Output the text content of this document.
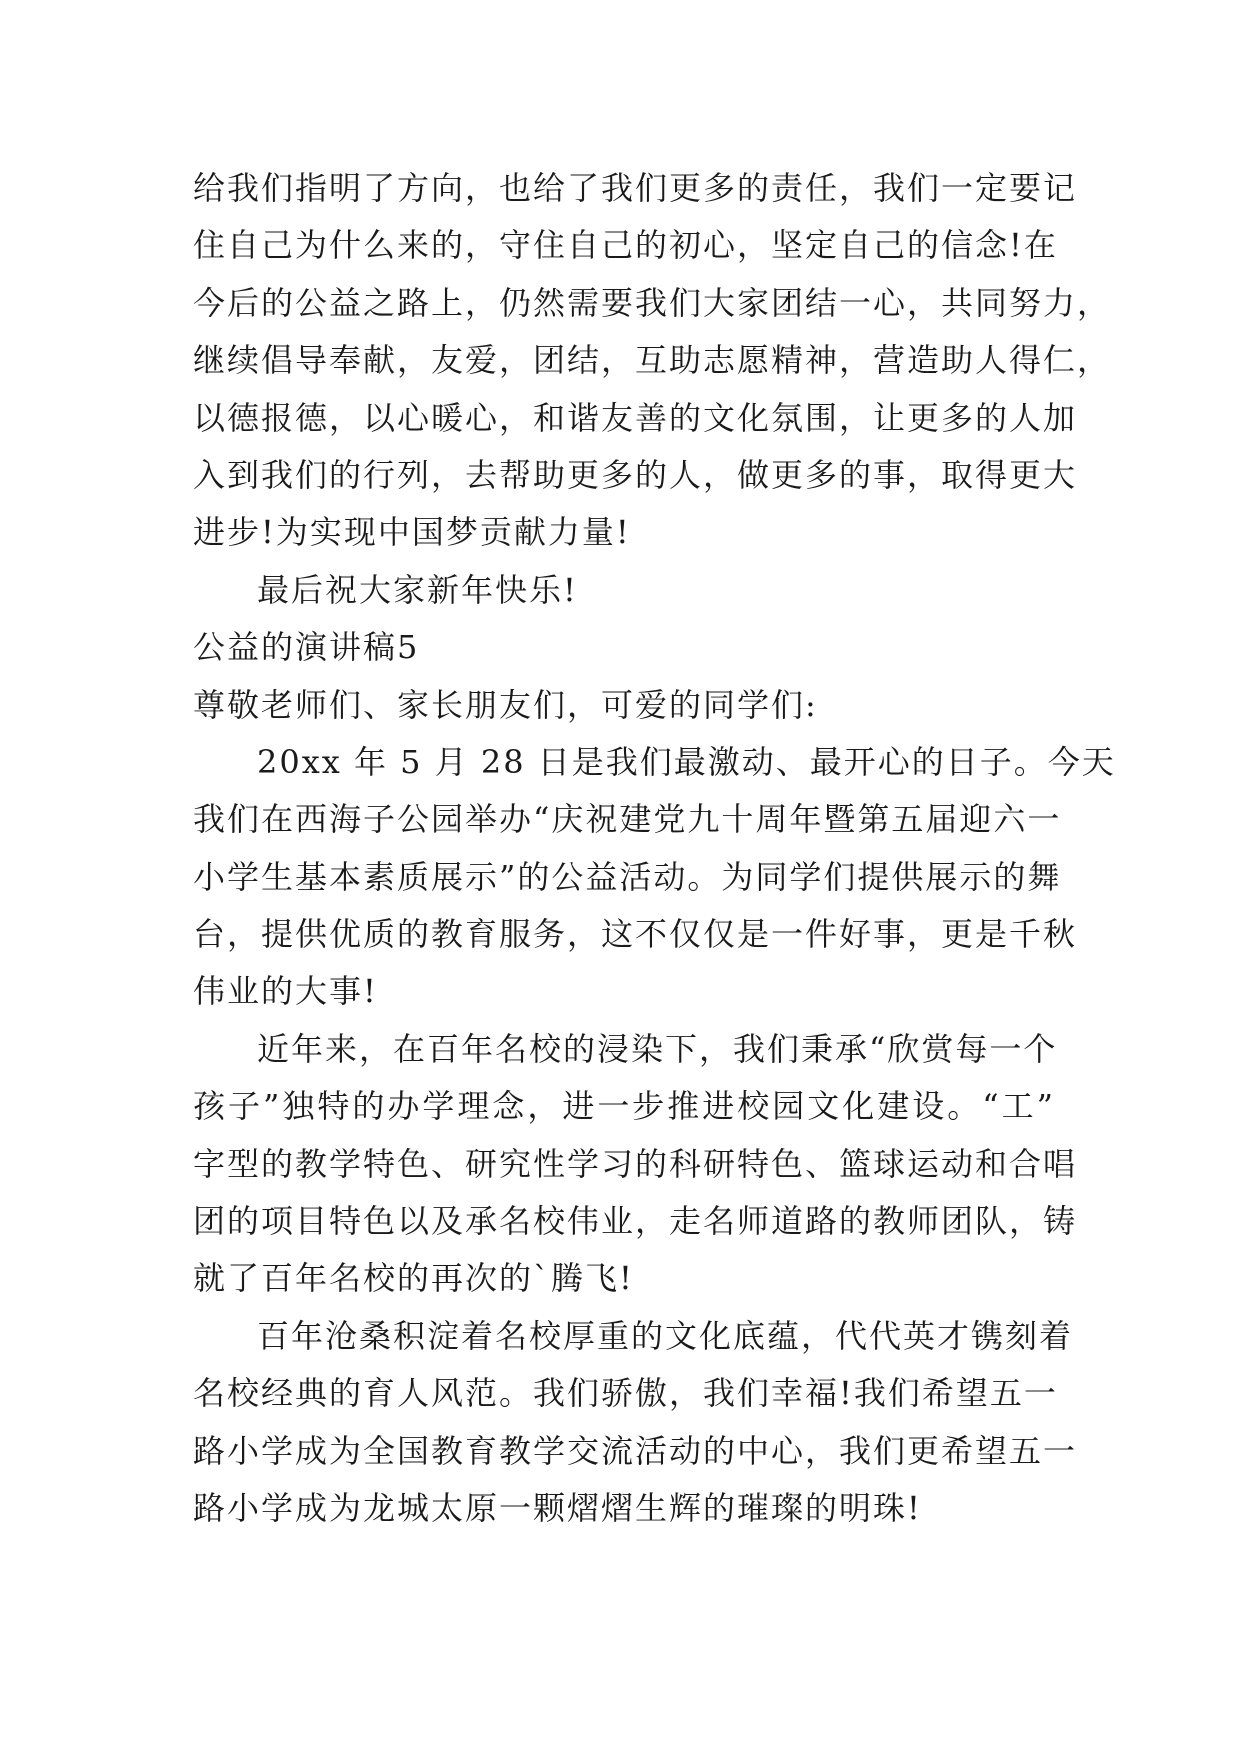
给我们指明了方向，也给了我们更多的责任，我们一定要记
住自己为什么来的，守住自己的初心，坚定自己的信念!在
今后的公益之路上，仍然需要我们大家团结一心，共同努力，
继续倡导奉献，友爱，团结，互助志愿精神，营造助人得仁，
以德报德，以心暖心，和谐友善的文化氛围，让更多的人加
入到我们的行列，去帮助更多的人，做更多的事，取得更大
进步!为实现中国梦贡献力量!
最后祝大家新年快乐!
公益的演讲稿5
尊敬老师们、家长朋友们，可爱的同学们:
20xx 年 5 月 28 日是我们最激动、最开心的日子。今天
我们在西海子公园举办“庆祝建党九十周年暨第五届迎六一
小学生基本素质展示”的公益活动。为同学们提供展示的舞
台，提供优质的教育服务，这不仅仅是一件好事，更是千秋
伟业的大事!
近年来，在百年名校的浸染下，我们秉承“欣赏每一个
孩子”独特的办学理念，进一步推进校园文化建设。“工”
字型的教学特色、研究性学习的科研特色、篮球运动和合唱
团的项目特色以及承名校伟业，走名师道路的教师团队，铸
就了百年名校的再次的`腾飞!
百年沧桑积淀着名校厚重的文化底蕴，代代英才镌刻着
名校经典的育人风范。我们骄傲，我们幸福!我们希望五一
路小学成为全国教育教学交流活动的中心，我们更希望五一
路小学成为龙城太原一颗熠熠生辉的璀璨的明珠!
